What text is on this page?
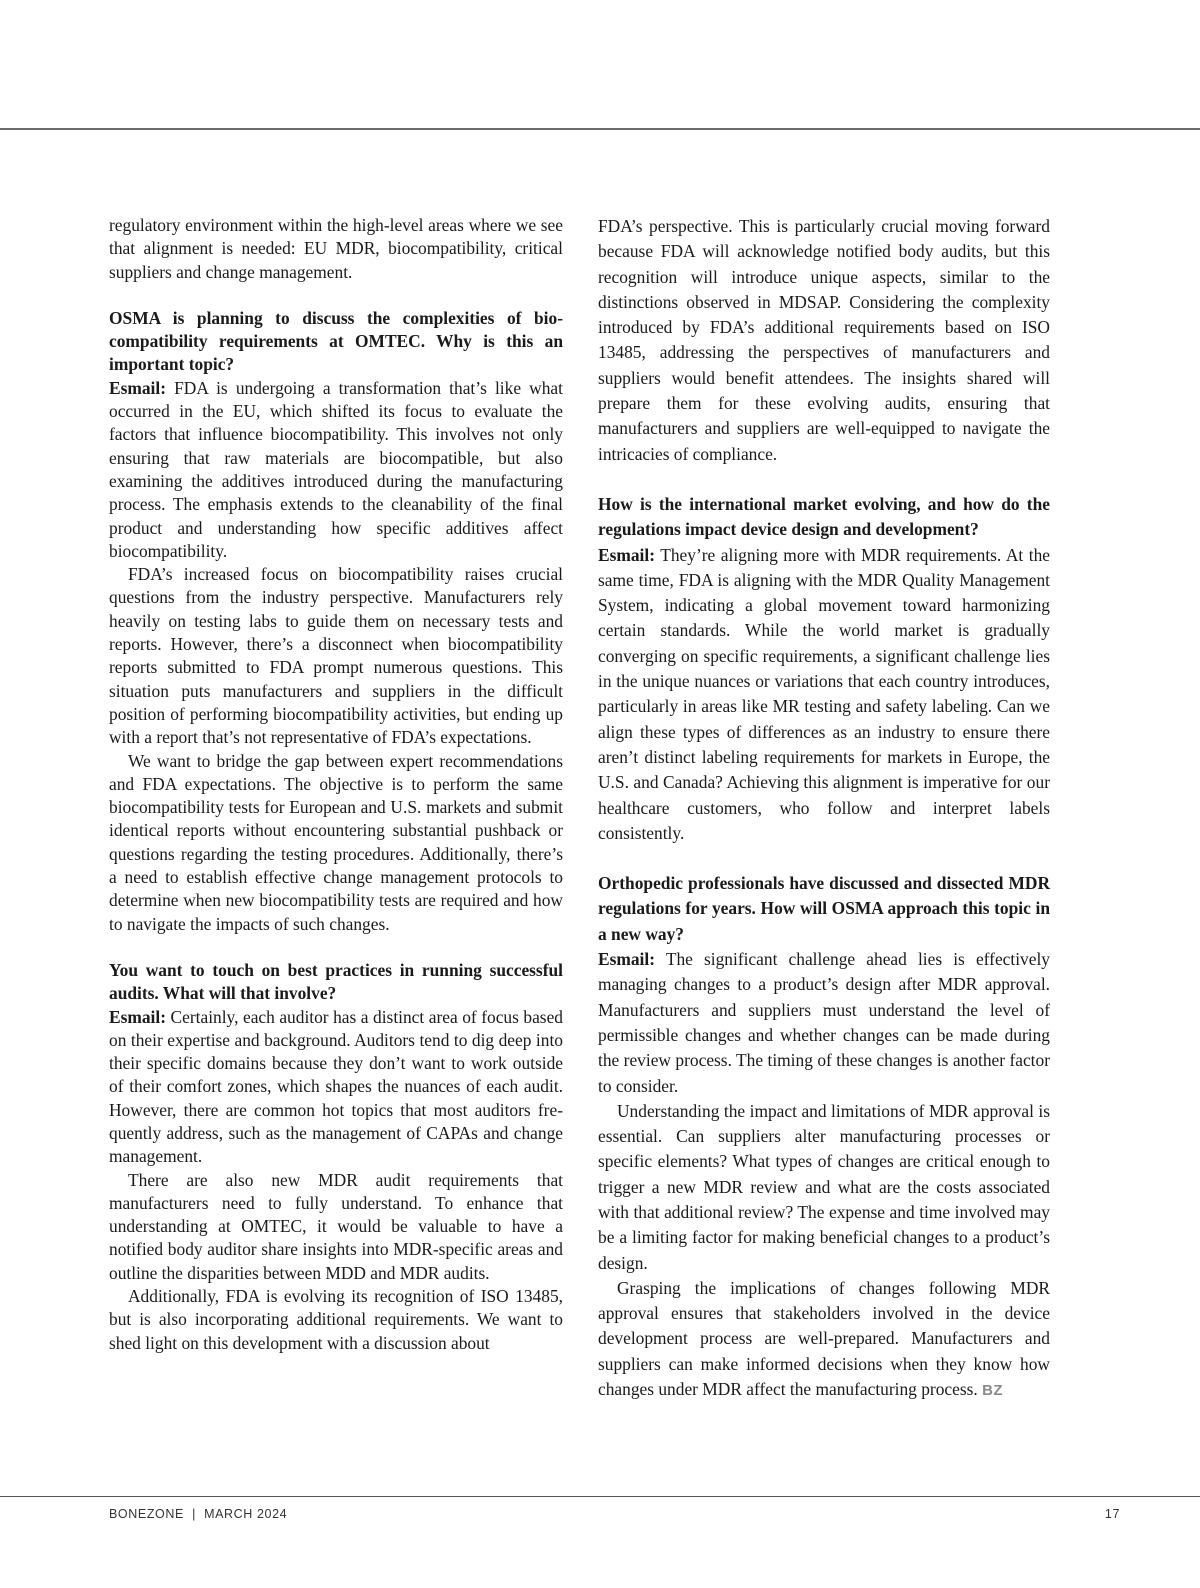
regulatory environment within the high-level areas where we see that alignment is needed: EU MDR, biocompatibility, critical suppliers and change management.

OSMA is planning to discuss the complexities of biocompatibility requirements at OMTEC. Why is this an important topic?

Esmail: FDA is undergoing a transformation that’s like what occurred in the EU, which shifted its focus to evaluate the factors that influence biocompatibility. This involves not only ensuring that raw materials are biocompatible, but also examining the additives introduced during the manufacturing process. The emphasis extends to the cleanability of the final product and understanding how specific additives affect biocompatibility.

FDA’s increased focus on biocompatibility raises crucial questions from the industry perspective. Manufacturers rely heavily on testing labs to guide them on necessary tests and reports. However, there’s a disconnect when biocompatibility reports submitted to FDA prompt numerous questions. This situation puts manufacturers and suppliers in the difficult position of performing biocompatibility activities, but ending up with a report that’s not representative of FDA’s expectations.

We want to bridge the gap between expert recommendations and FDA expectations. The objective is to perform the same biocompatibility tests for European and U.S. markets and submit identical reports without encountering substantial pushback or questions regarding the testing procedures. Additionally, there’s a need to establish effective change management protocols to determine when new biocompatibility tests are required and how to navigate the impacts of such changes.

You want to touch on best practices in running successful audits. What will that involve?

Esmail: Certainly, each auditor has a distinct area of focus based on their expertise and background. Auditors tend to dig deep into their specific domains because they don’t want to work outside of their comfort zones, which shapes the nuances of each audit. However, there are common hot topics that most auditors frequently address, such as the management of CAPAs and change management.

There are also new MDR audit requirements that manufacturers need to fully understand. To enhance that understanding at OMTEC, it would be valuable to have a notified body auditor share insights into MDR-specific areas and outline the disparities between MDD and MDR audits.

Additionally, FDA is evolving its recognition of ISO 13485, but is also incorporating additional requirements. We want to shed light on this development with a discussion about

FDA’s perspective. This is particularly crucial moving forward because FDA will acknowledge notified body audits, but this recognition will introduce unique aspects, similar to the distinctions observed in MDSAP. Considering the complexity introduced by FDA’s additional requirements based on ISO 13485, addressing the perspectives of manufacturers and suppliers would benefit attendees. The insights shared will prepare them for these evolving audits, ensuring that manufacturers and suppliers are well-equipped to navigate the intricacies of compliance.

How is the international market evolving, and how do the regulations impact device design and development?

Esmail: They’re aligning more with MDR requirements. At the same time, FDA is aligning with the MDR Quality Management System, indicating a global movement toward harmonizing certain standards. While the world market is gradually converging on specific requirements, a significant challenge lies in the unique nuances or variations that each country introduces, particularly in areas like MR testing and safety labeling. Can we align these types of differences as an industry to ensure there aren’t distinct labeling requirements for markets in Europe, the U.S. and Canada? Achieving this alignment is imperative for our healthcare customers, who follow and interpret labels consistently.

Orthopedic professionals have discussed and dissected MDR regulations for years. How will OSMA approach this topic in a new way?

Esmail: The significant challenge ahead lies is effectively managing changes to a product’s design after MDR approval. Manufacturers and suppliers must understand the level of permissible changes and whether changes can be made during the review process. The timing of these changes is another factor to consider.

Understanding the impact and limitations of MDR approval is essential. Can suppliers alter manufacturing processes or specific elements? What types of changes are critical enough to trigger a new MDR review and what are the costs associated with that additional review? The expense and time involved may be a limiting factor for making beneficial changes to a product’s design.

Grasping the implications of changes following MDR approval ensures that stakeholders involved in the device development process are well-prepared. Manufacturers and suppliers can make informed decisions when they know how changes under MDR affect the manufacturing process. BZ

BONEZONE  |  MARCH 2024	17
